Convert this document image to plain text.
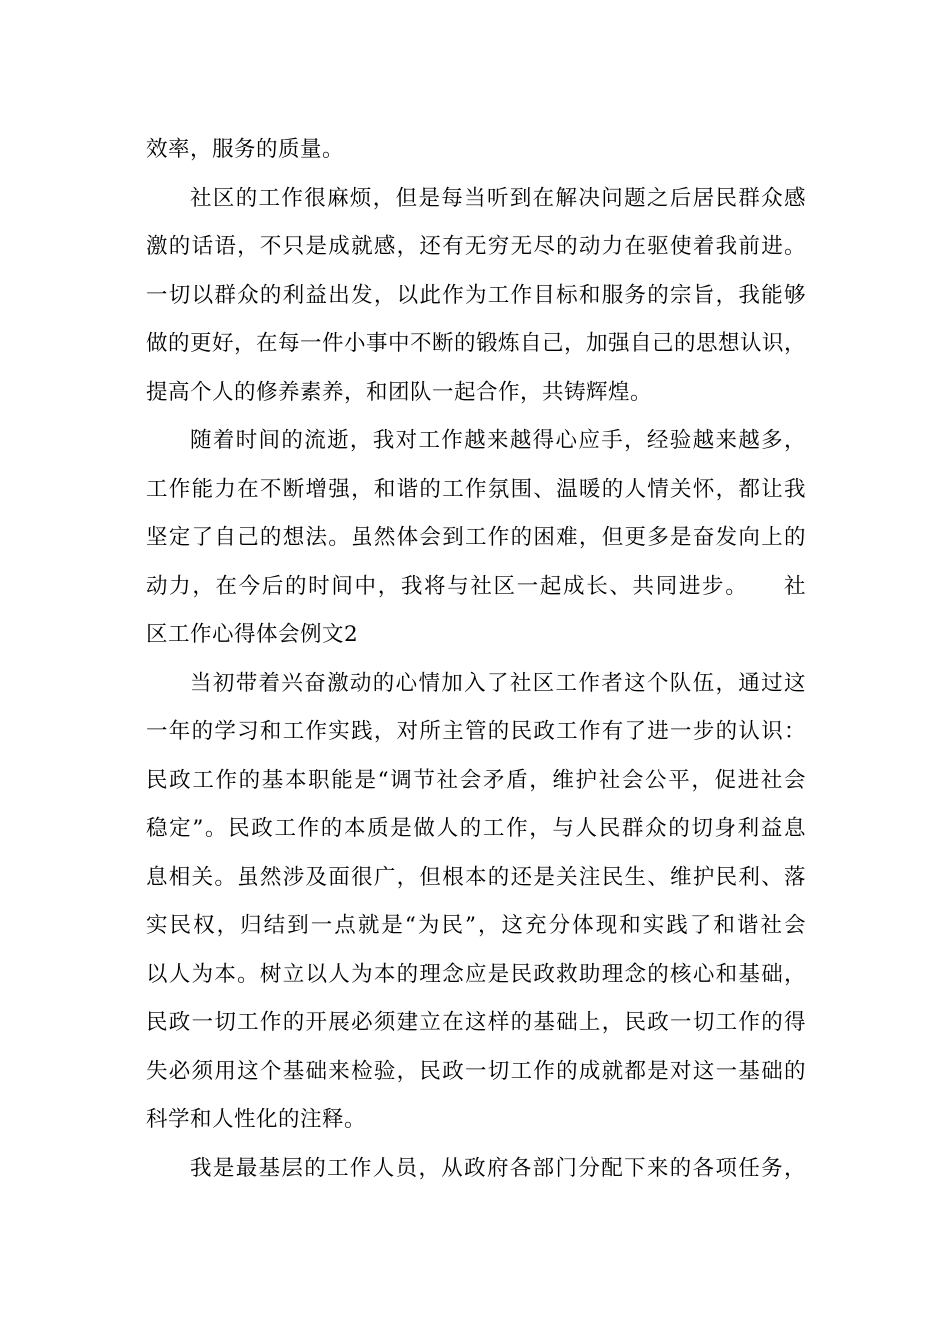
效率，服务的质量。
社区的工作很麻烦，但是每当听到在解决问题之后居民群众感
激的话语，不只是成就感，还有无穷无尽的动力在驱使着我前进。
一切以群众的利益出发，以此作为工作目标和服务的宗旨，我能够
做的更好，在每一件小事中不断的锻炼自己，加强自己的思想认识，
提高个人的修养素养，和团队一起合作，共铸辉煌。
随着时间的流逝，我对工作越来越得心应手，经验越来越多，
工作能力在不断增强，和谐的工作氛围、温暖的人情关怀，都让我
坚定了自己的想法。虽然体会到工作的困难，但更多是奋发向上的
动力，在今后的时间中，我将与社区一起成长、共同进步。　　社
区工作心得体会例文2
当初带着兴奋激动的心情加入了社区工作者这个队伍，通过这
一年的学习和工作实践，对所主管的民政工作有了进一步的认识：
民政工作的基本职能是“调节社会矛盾，维护社会公平，促进社会
稳定”。民政工作的本质是做人的工作，与人民群众的切身利益息
息相关。虽然涉及面很广，但根本的还是关注民生、维护民利、落
实民权，归结到一点就是“为民”，这充分体现和实践了和谐社会
以人为本。树立以人为本的理念应是民政救助理念的核心和基础，
民政一切工作的开展必须建立在这样的基础上，民政一切工作的得
失必须用这个基础来检验，民政一切工作的成就都是对这一基础的
科学和人性化的注释。
我是最基层的工作人员，从政府各部门分配下来的各项任务，
